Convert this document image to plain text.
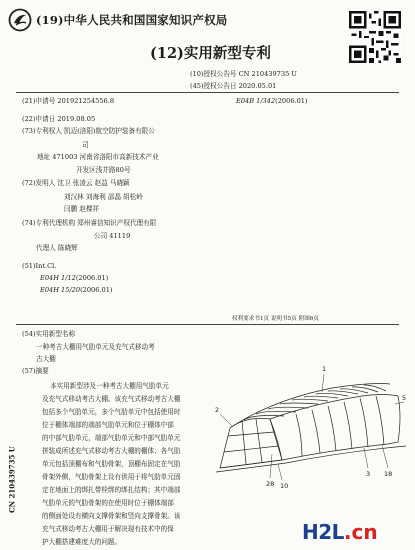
(19)中华人民共和国国家知识产权局
(12)实用新型专利
(10)授权公告号 CN 210439735 U
(45)授权公告日 2020.05.01
(21)申请号 201921254556.8	E04B 1/342(2006.01)
(22)申请日 2019.08.05
(73)专利权人 凯迈(洛阳)航空防护装备有限公
司
地址 471003 河南省洛阳市高新技术产业
开发区浅井路80号
(72)发明人 沈卫 张凌云 赵益 马晓颖
刘汉林 刘海利 邵晶 胡松岭
闫鹏 赵棵祥
(74)专利代理机构 郑州睿信知识产权代理有限
公司 41119
代理人 陈晓辉
(51)Int.Cl.
E04H 1/12(2006.01)
E04H 15/20(2006.01)
权利要求书1页 说明书5页 附图6页
(54)实用新型名称
一种考古大棚用气肋单元及充气式移动考
古大棚
(57)摘要
本实用新型涉及一种考古大棚用气肋单元
及充气式移动考古大棚。该充气式移动考古大棚
包括多个气肋单元，多个气肋单元中包括使用时
位于棚体端部的端部气肋单元和位于棚体中部
的中部气肋单元，端部气肋单元和中部气肋单元
拼装成所述充气式移动考古大棚的棚体；各气肋
单元包括顶棚布和气肋骨架，顶棚布固定在气肋
骨架外侧，气肋骨架上设有供用于将气肋单元固
定在地面上的绑扎带栓绑的绑扎结构；其中端部
气肋单元的气肋骨架的在使用时位于棚体端部
的侧面处设有横向支撑骨架和竖向支撑骨架。该
充气式移动考古大棚用于解决现有技术中的保
护大棚搭建难度大的问题。
2
1
5
3 18
28 10
CN 210439735 U
H2L.cn
